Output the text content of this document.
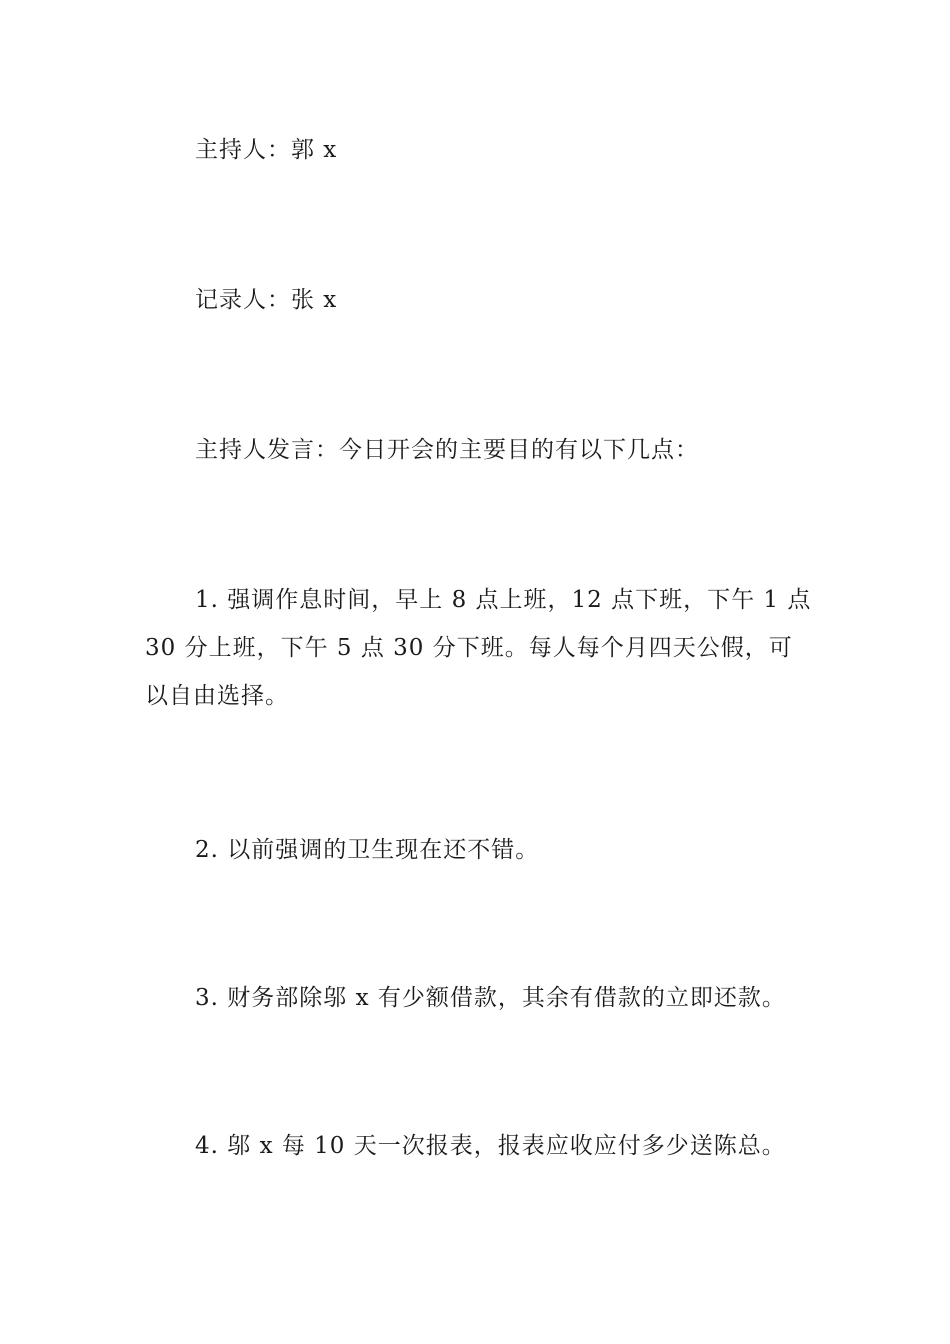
主持人：郭 x

记录人：张 x

主持人发言：今日开会的主要目的有以下几点：

1. 强调作息时间，早上 8 点上班，12 点下班，下午 1 点 30 分上班，下午 5 点 30 分下班。每人每个月四天公假，可以自由选择。

2. 以前强调的卫生现在还不错。

3. 财务部除邬 x 有少额借款，其余有借款的立即还款。

4. 邬 x 每 10 天一次报表，报表应收应付多少送陈总。
